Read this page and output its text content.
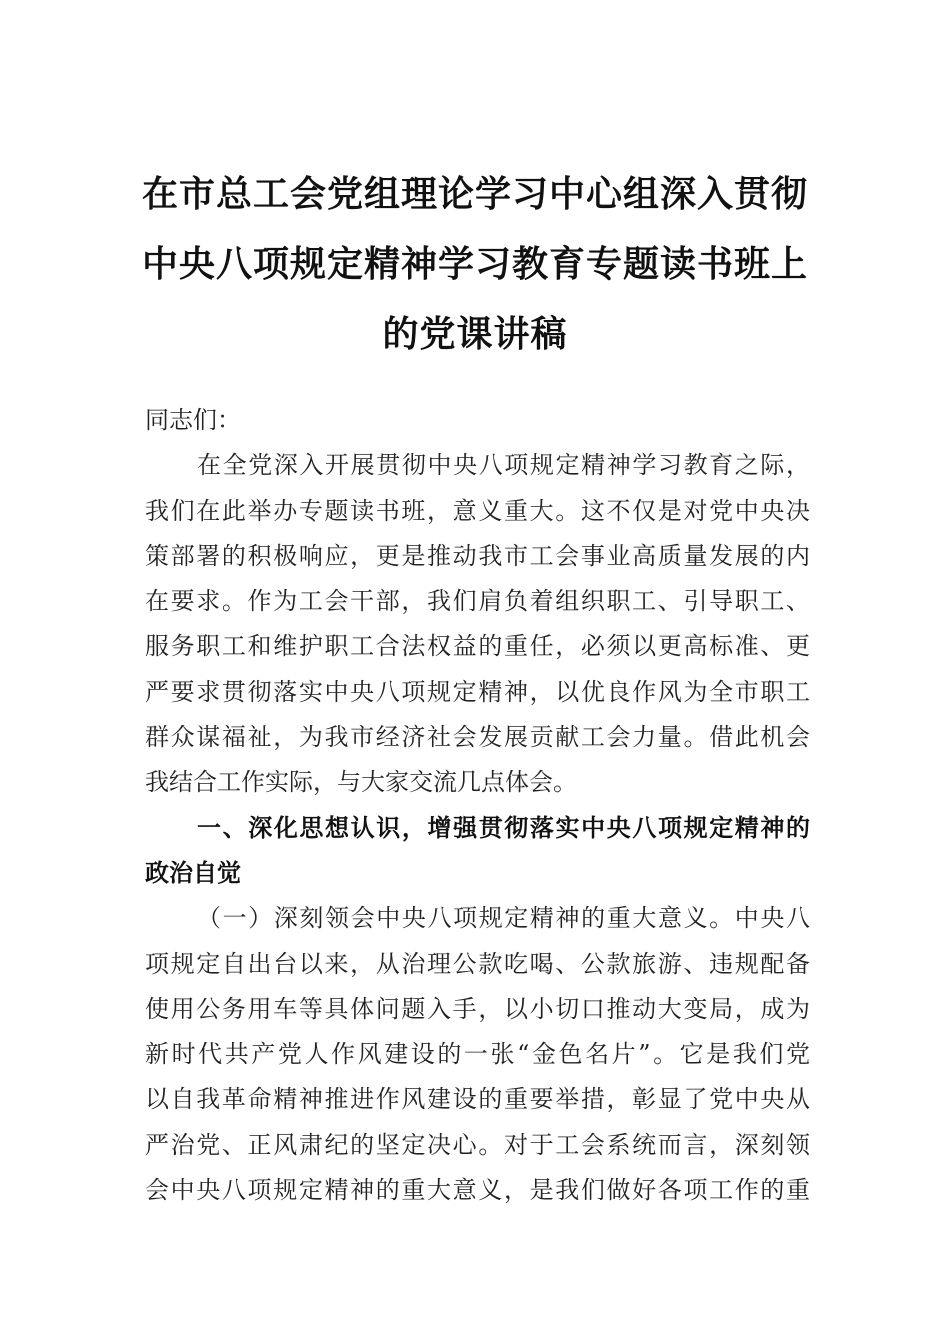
在市总工会党组理论学习中心组深入贯彻
中央八项规定精神学习教育专题读书班上
的党课讲稿
同志们：
在全党深入开展贯彻中央八项规定精神学习教育之际，
我们在此举办专题读书班，意义重大。这不仅是对党中央决
策部署的积极响应，更是推动我市工会事业高质量发展的内
在要求。作为工会干部，我们肩负着组织职工、引导职工、
服务职工和维护职工合法权益的重任，必须以更高标准、更
严要求贯彻落实中央八项规定精神，以优良作风为全市职工
群众谋福祉，为我市经济社会发展贡献工会力量。借此机会
我结合工作实际，与大家交流几点体会。
一、深化思想认识，增强贯彻落实中央八项规定精神的
政治自觉
（一）深刻领会中央八项规定精神的重大意义。中央八
项规定自出台以来，从治理公款吃喝、公款旅游、违规配备
使用公务用车等具体问题入手，以小切口推动大变局，成为
新时代共产党人作风建设的一张“金色名片”。它是我们党
以自我革命精神推进作风建设的重要举措，彰显了党中央从
严治党、正风肃纪的坚定决心。对于工会系统而言，深刻领
会中央八项规定精神的重大意义，是我们做好各项工作的重
